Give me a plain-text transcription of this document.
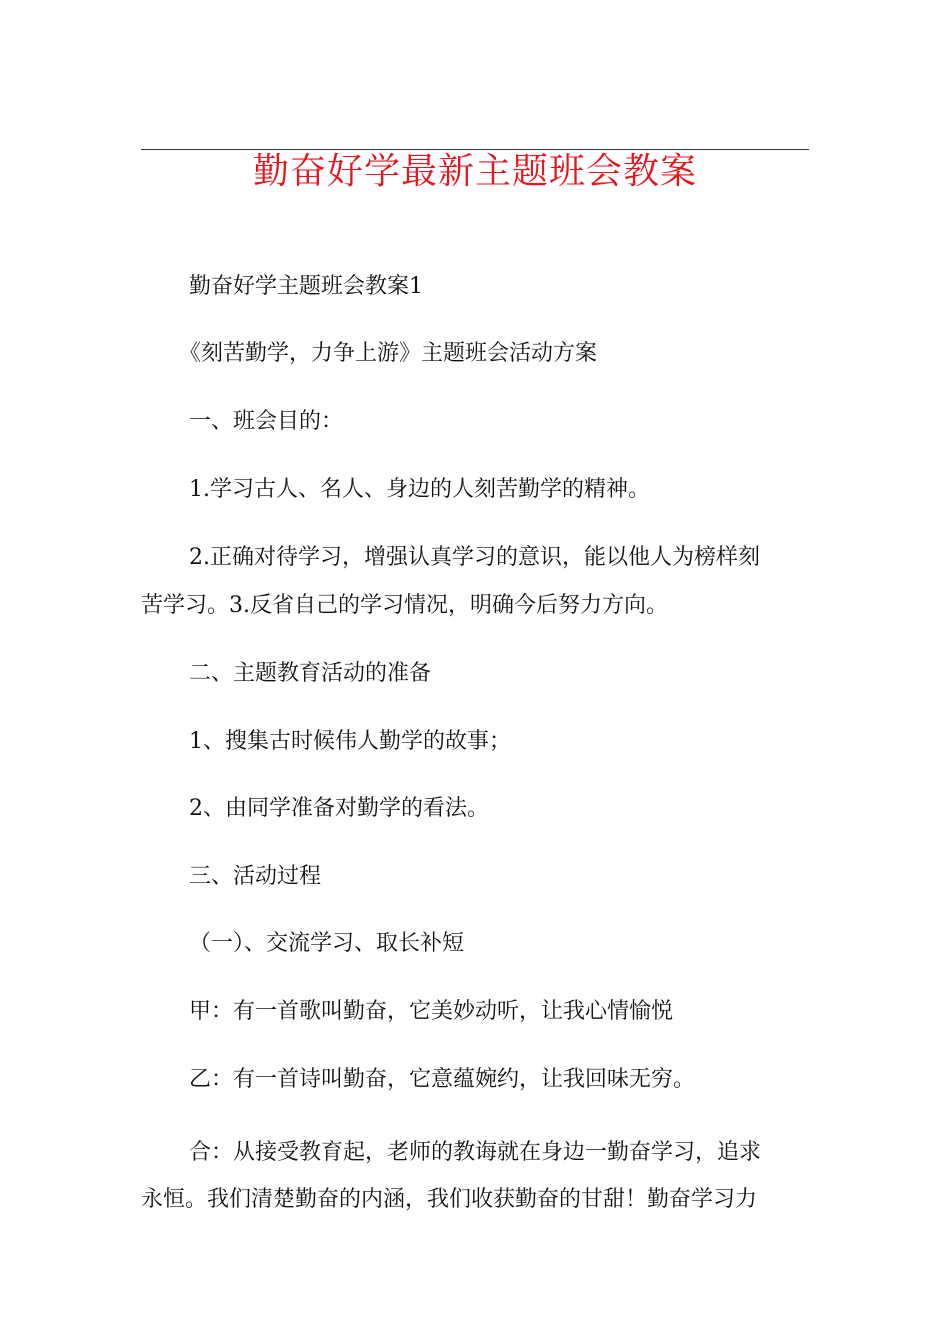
勤奋好学最新主题班会教案
勤奋好学主题班会教案1
《刻苦勤学，力争上游》主题班会活动方案
一、班会目的：
1.学习古人、名人、身边的人刻苦勤学的精神。
2.正确对待学习，增强认真学习的意识，能以他人为榜样刻
苦学习。3.反省自己的学习情况，明确今后努力方向。
二、主题教育活动的准备
1、搜集古时候伟人勤学的故事；
2、由同学准备对勤学的看法。
三、活动过程
（一）、交流学习、取长补短
甲：有一首歌叫勤奋，它美妙动听，让我心情愉悦
乙：有一首诗叫勤奋，它意蕴婉约，让我回味无穷。
合：从接受教育起，老师的教诲就在身边一勤奋学习，追求
永恒。我们清楚勤奋的内涵，我们收获勤奋的甘甜！勤奋学习力
